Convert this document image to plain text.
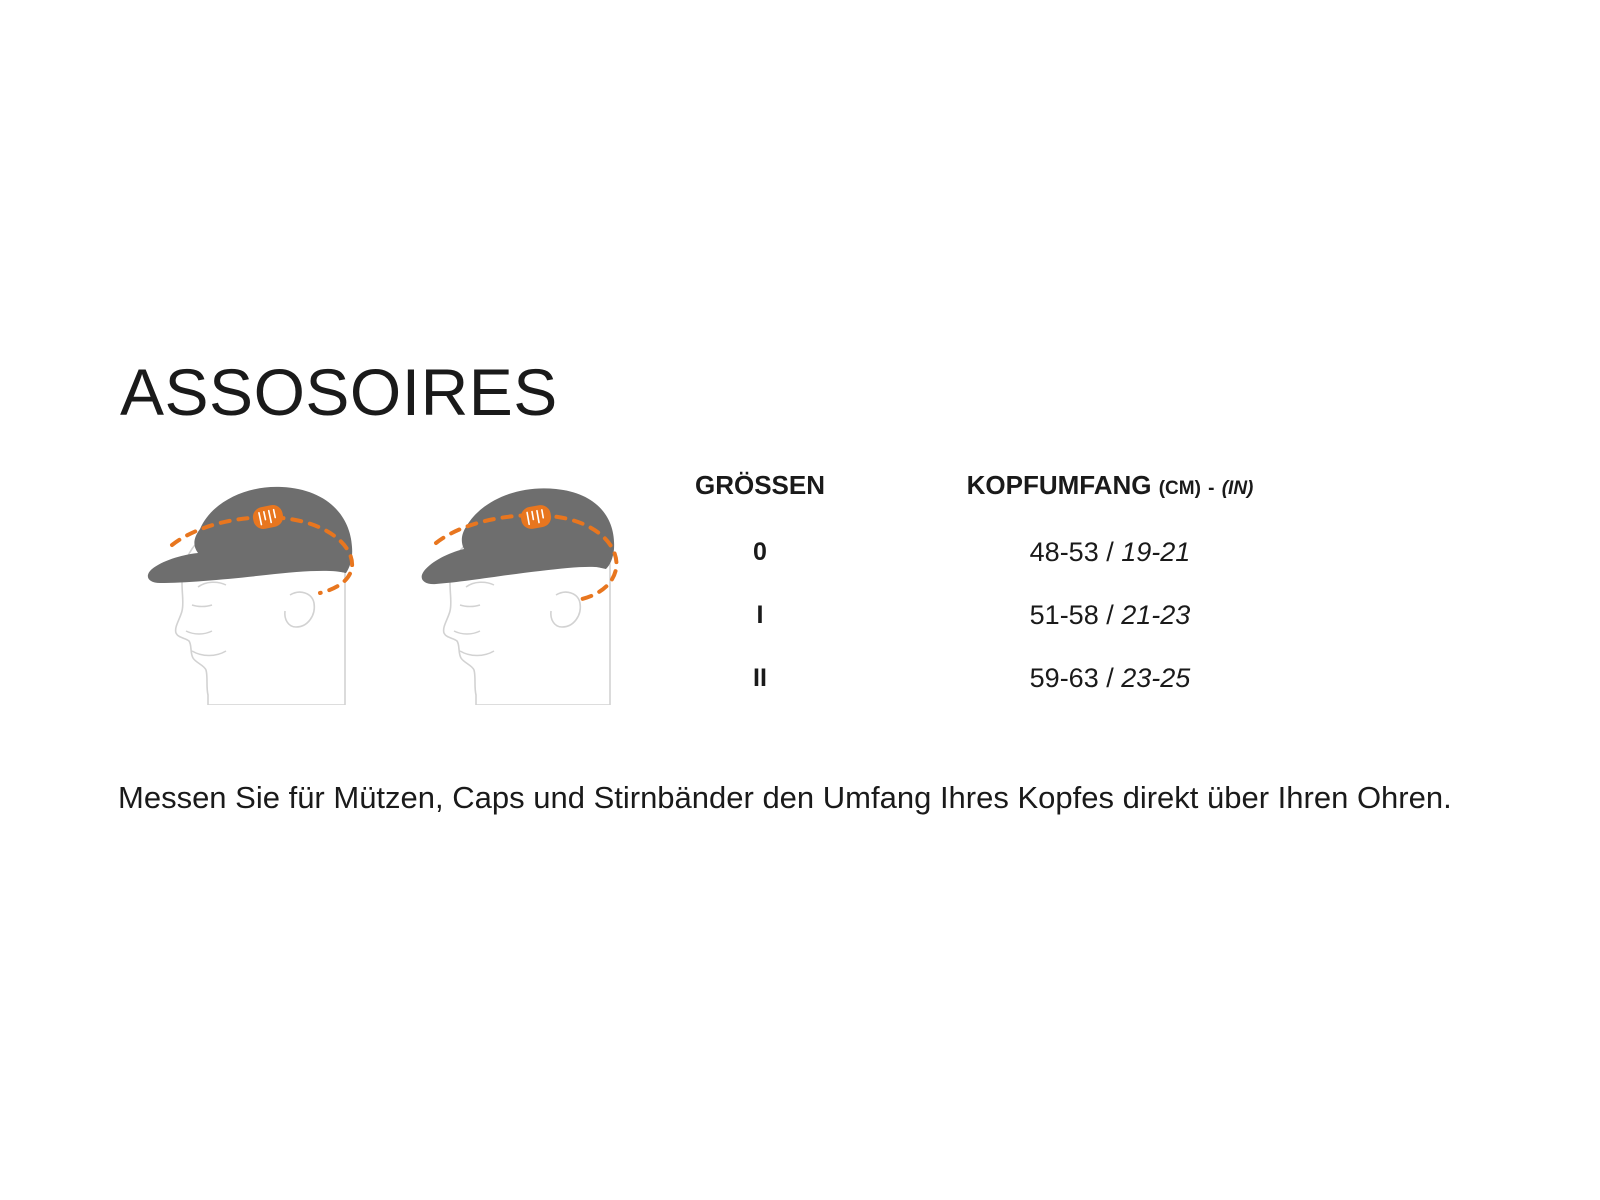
ASSOSOIRES
GRÖSSEN	KOPFUMFANG (CM) - (IN)
0	48-53 / 19-21
I	51-58 / 21-23
II	59-63 / 23-25

Messen Sie für Mützen, Caps und Stirnbänder den Umfang Ihres Kopfes direkt über Ihren Ohren.
